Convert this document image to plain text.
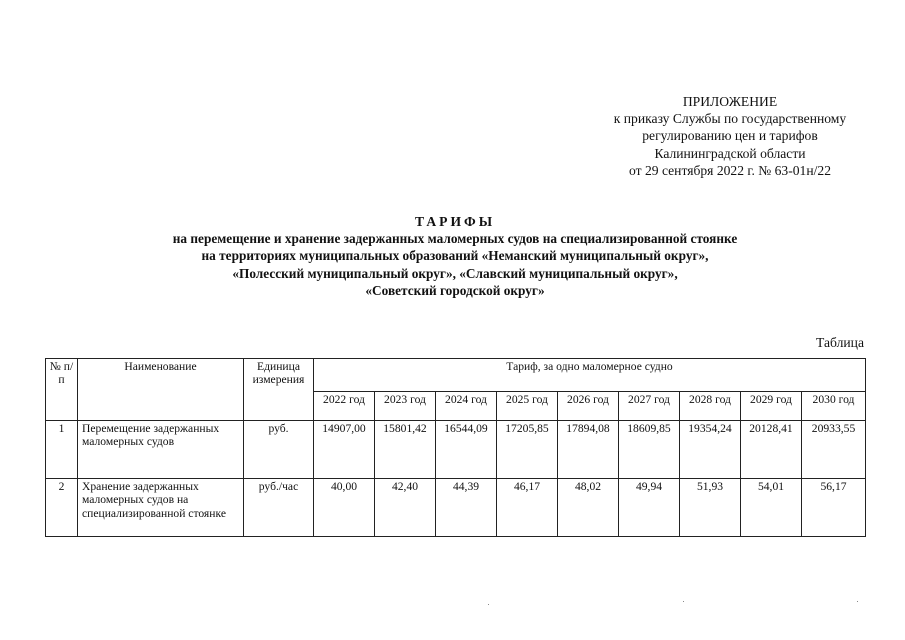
ПРИЛОЖЕНИЕ
к приказу Службы по государственному
регулированию цен и тарифов
Калининградской области
от 29 сентября 2022 г. № 63-01н/22
ТАРИФЫ
на перемещение и хранение задержанных маломерных судов на специализированной стоянке
на территориях муниципальных образований «Неманский муниципальный округ»,
«Полесский муниципальный округ», «Славский муниципальный округ»,
«Советский городской округ»
Таблица
№ п/п	Наименование	Единица измерения	Тариф, за одно маломерное судно								
			2022 год	2023 год	2024 год	2025 год	2026 год	2027 год	2028 год	2029 год	2030 год
1	Перемещение задержанных маломерных судов	руб.	14907,00	15801,42	16544,09	17205,85	17894,08	18609,85	19354,24	20128,41	20933,55
2	Хранение задержанных маломерных судов на специализированной стоянке	руб./час	40,00	42,40	44,39	46,17	48,02	49,94	51,93	54,01	56,17
